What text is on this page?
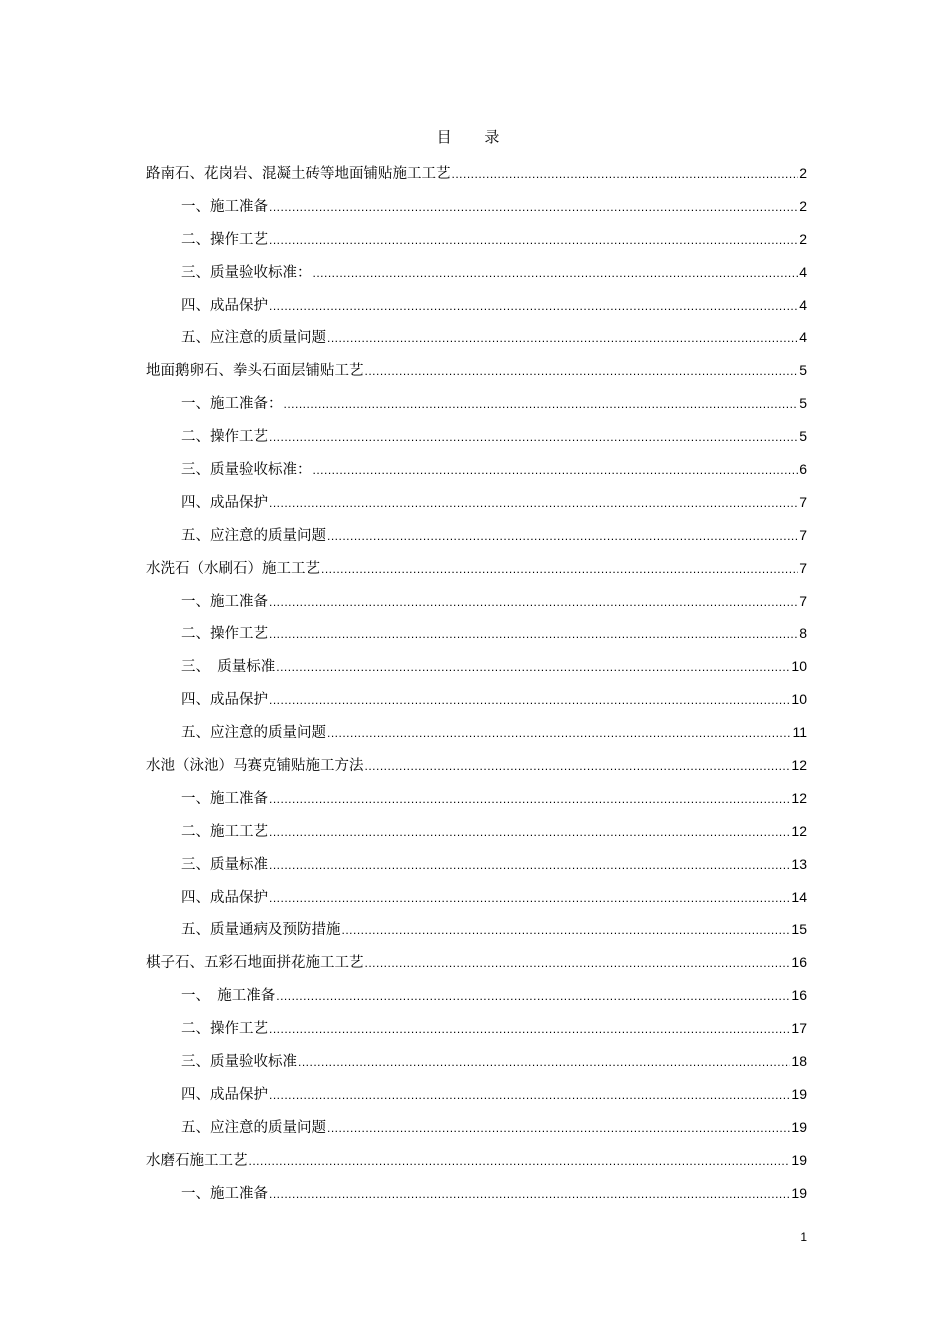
目 录
路南石、花岗岩、混凝土砖等地面铺贴施工工艺 .....	2
一、施工准备 .....	2
二、操作工艺 .....	2
三、质量验收标准： .....	4
四、成品保护 .....	4
五、应注意的质量问题 .....	4
地面鹅卵石、拳头石面层铺贴工艺 .....	5
一、施工准备： .....	5
二、操作工艺 .....	5
三、质量验收标准： .....	6
四、成品保护 .....	7
五、应注意的质量问题 .....	7
水洗石（水刷石）施工工艺 .....	7
一、施工准备 .....	7
二、操作工艺 .....	8
三、　质量标准 .....	10
四、成品保护 .....	10
五、应注意的质量问题 .....	11
水池（泳池）马赛克铺贴施工方法 .....	12
一、施工准备 .....	12
二、施工工艺 .....	12
三、质量标准 .....	13
四、成品保护 .....	14
五、质量通病及预防措施 .....	15
棋子石、五彩石地面拼花施工工艺 .....	16
一、　施工准备 .....	16
二、操作工艺 .....	17
三、质量验收标准 .....	18
四、成品保护 .....	19
五、应注意的质量问题 .....	19
水磨石施工工艺 .....	19
一、施工准备 .....	19
1
